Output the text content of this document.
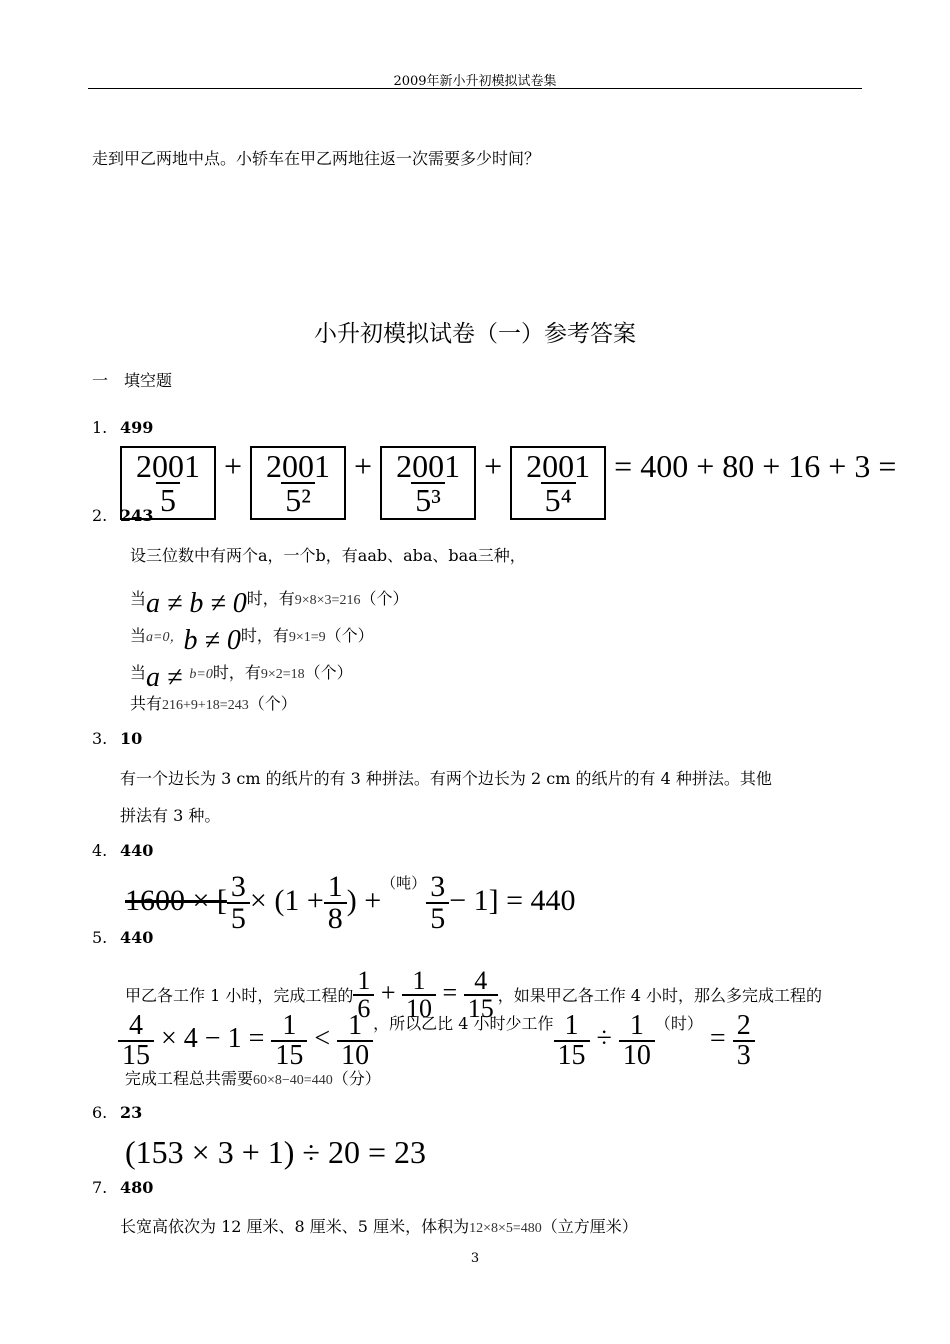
2009年新小升初模拟试卷集
走到甲乙两地中点。小轿车在甲乙两地往返一次需要多少时间？
小升初模拟试卷（一）参考答案
一　填空题
1. 499
$\frac{2001}{5} + \frac{2001}{\text{5²}} + \frac{2001}{\text{5³}} + \frac{2001}{\text{5⁴}} = 400 + 80 + 16 + 3$ =
2. 243
设三位数中有两个a，一个b，有aab、aba、baa三种，
当a ≠ b ≠ 0时，有9×8×3=216（个）
当a=0，b ≠ 0时，有9×1=9（个）
当a ≠ b=0时，有9×2=18（个）
共有216+9+18=243（个）
3. 10
有一个边长为 3 cm 的纸片的有 3 种拼法。有两个边长为 2 cm 的纸片的有 4 种拼法。其他
拼法有 3 种。
4. 440
1600 × [ $\frac{3}{5} \times (1 + \frac{1}{8}$ ) $+^{(吨)} \frac{3}{5} - 1] = 440$
5. 440
甲乙各工作 1 小时，完成工程的 $\frac{1}{6} + \frac{1}{10} = \frac{4}{15}$ ，如果甲乙各工作 4 小时，那么多完成工程的
$\frac{4}{15} \times 4 - 1 = \frac{1}{15} < \frac{1}{10}$ ，所以乙比 4 小时少工作 $\frac{1}{15} \div \frac{1}{10}$ （时） = $\frac{2}{3}$
完成工程总共需要60×8−40=440（分）
6. 23
(153 × 3 + 1) ÷ 20 = 23
7. 480
长宽高依次为 12 厘米、8 厘米、5 厘米，体积为12×8×5=480（立方厘米）
3
